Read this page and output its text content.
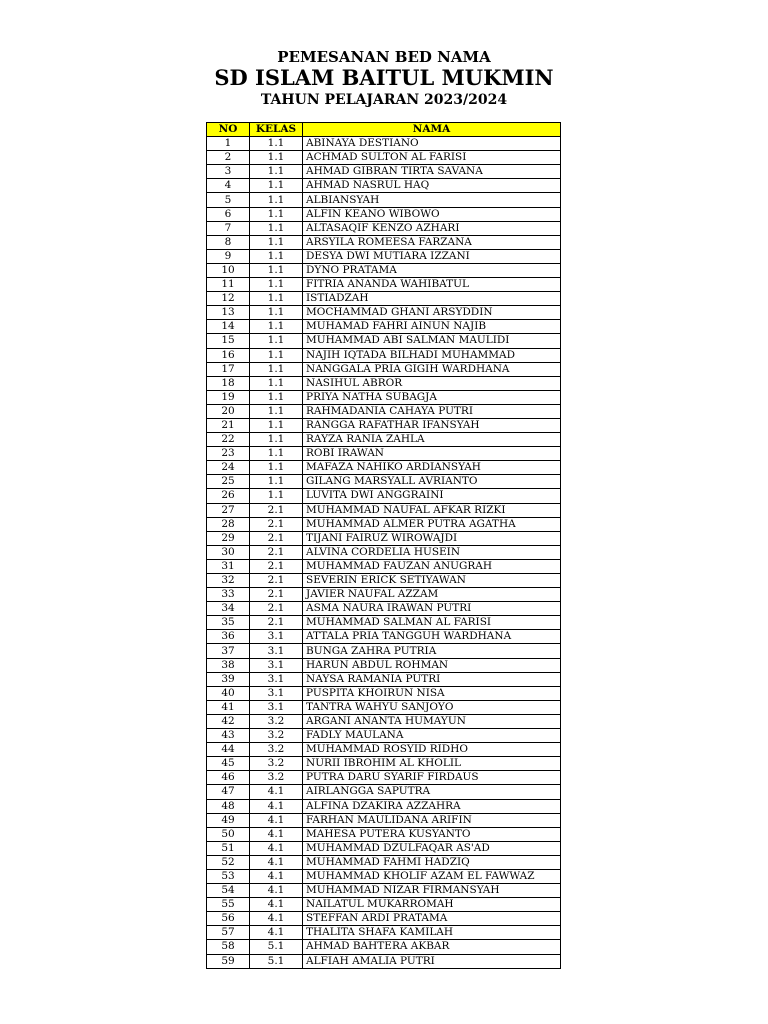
PEMESANAN BED NAMA
SD ISLAM BAITUL MUKMIN
TAHUN PELAJARAN 2023/2024
NO	KELAS	NAMA
1	1.1	ABINAYA DESTIANO
2	1.1	ACHMAD SULTON AL FARISI
3	1.1	AHMAD GIBRAN TIRTA SAVANA
4	1.1	AHMAD NASRUL HAQ
5	1.1	ALBIANSYAH
6	1.1	ALFIN KEANO WIBOWO
7	1.1	ALTASAQIF KENZO AZHARI
8	1.1	ARSYILA ROMEESA FARZANA
9	1.1	DESYA DWI MUTIARA IZZANI
10	1.1	DYNO PRATAMA
11	1.1	FITRIA ANANDA WAHIBATUL
12	1.1	ISTIADZAH
13	1.1	MOCHAMMAD GHANI ARSYDDIN
14	1.1	MUHAMAD FAHRI AINUN NAJIB
15	1.1	MUHAMMAD ABI SALMAN MAULIDI
16	1.1	NAJIH IQTADA BILHADI MUHAMMAD
17	1.1	NANGGALA PRIA GIGIH WARDHANA
18	1.1	NASIHUL ABROR
19	1.1	PRIYA NATHA SUBAGJA
20	1.1	RAHMADANIA CAHAYA PUTRI
21	1.1	RANGGA RAFATHAR IFANSYAH
22	1.1	RAYZA RANIA ZAHLA
23	1.1	ROBI IRAWAN
24	1.1	MAFAZA NAHIKO ARDIANSYAH
25	1.1	GILANG MARSYALL AVRIANTO
26	1.1	LUVITA DWI ANGGRAINI
27	2.1	MUHAMMAD NAUFAL AFKAR RIZKI
28	2.1	MUHAMMAD ALMER PUTRA AGATHA
29	2.1	TIJANI FAIRUZ WIROWAJDI
30	2.1	ALVINA CORDELIA HUSEIN
31	2.1	MUHAMMAD FAUZAN ANUGRAH
32	2.1	SEVERIN ERICK SETIYAWAN
33	2.1	JAVIER NAUFAL AZZAM
34	2.1	ASMA NAURA IRAWAN PUTRI
35	2.1	MUHAMMAD SALMAN AL FARISI
36	3.1	ATTALA PRIA TANGGUH WARDHANA
37	3.1	BUNGA ZAHRA PUTRIA
38	3.1	HARUN ABDUL ROHMAN
39	3.1	NAYSA RAMANIA PUTRI
40	3.1	PUSPITA KHOIRUN NISA
41	3.1	TANTRA WAHYU SANJOYO
42	3.2	ARGANI ANANTA HUMAYUN
43	3.2	FADLY MAULANA
44	3.2	MUHAMMAD ROSYID RIDHO
45	3.2	NURII IBROHIM AL KHOLIL
46	3.2	PUTRA DARU SYARIF FIRDAUS
47	4.1	AIRLANGGA SAPUTRA
48	4.1	ALFINA DZAKIRA AZZAHRA
49	4.1	FARHAN MAULIDANA ARIFIN
50	4.1	MAHESA PUTERA KUSYANTO
51	4.1	MUHAMMAD DZULFAQAR AS'AD
52	4.1	MUHAMMAD FAHMI HADZIQ
53	4.1	MUHAMMAD KHOLIF AZAM EL FAWWAZ
54	4.1	MUHAMMAD NIZAR FIRMANSYAH
55	4.1	NAILATUL MUKARROMAH
56	4.1	STEFFAN ARDI PRATAMA
57	4.1	THALITA SHAFA KAMILAH
58	5.1	AHMAD BAHTERA AKBAR
59	5.1	ALFIAH AMALIA PUTRI
